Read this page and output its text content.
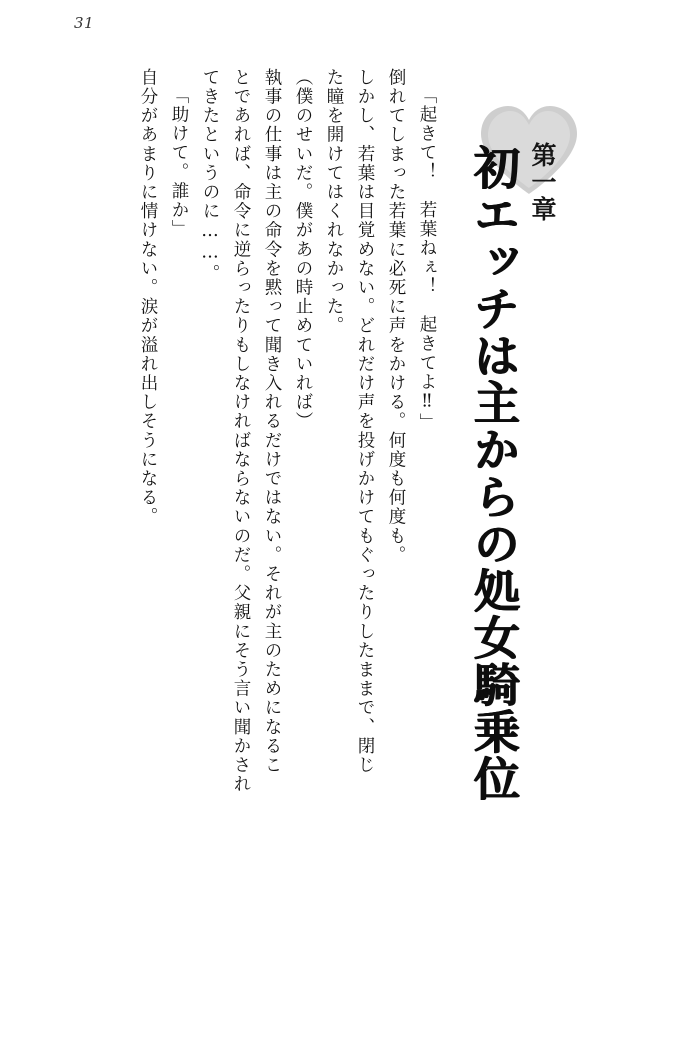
31
第一章
初エッチは主からの処女騎乗位
「起きて！　若葉ねぇ！　起きてよ‼」
倒れてしまった若葉に必死に声をかける。何度も何度も。
しかし、若葉は目覚めない。どれだけ声を投げかけてもぐったりしたままで、閉じ
た瞳を開けてはくれなかった。
（僕のせいだ。僕があの時止めていれば）
執事の仕事は主の命令を黙って聞き入れるだけではない。それが主のためになるこ
とであれば、命令に逆らったりもしなければならないのだ。父親にそう言い聞かされ
てきたというのに……。
「助けて。誰か」
自分があまりに情けない。涙が溢れ出しそうになる。
